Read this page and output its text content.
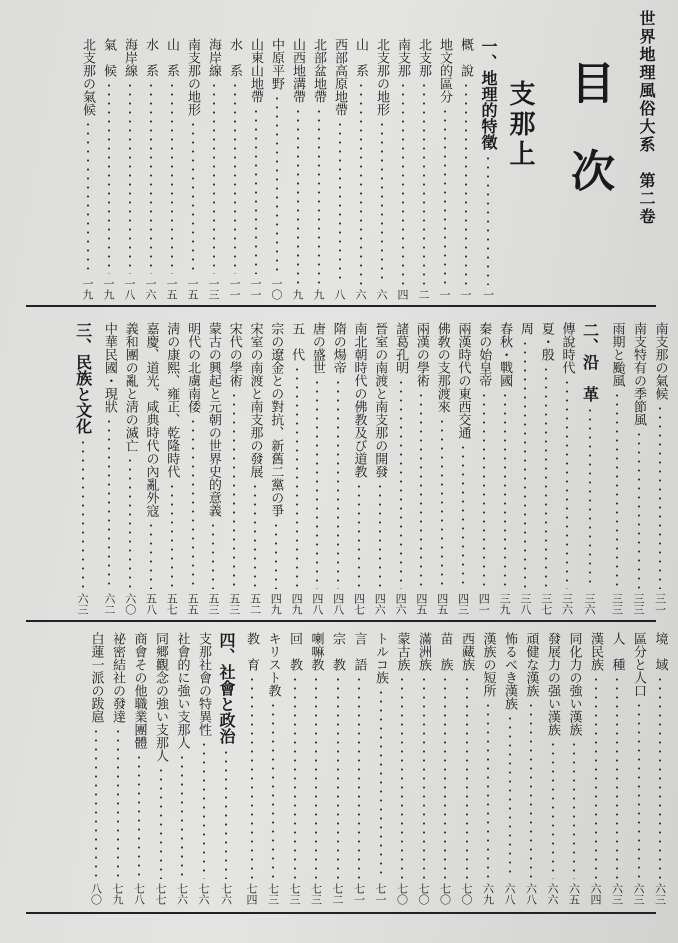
世界地理風俗大系　第二卷
目　次
支那上
一、地理的特徵
一
概　說
一
地文的區分
一
北支那
二
南支那
四
北支那の地形
六
山　系
六
西部高原地帶
八
北部盆地帶
九
山西地溝帶
九
中原平野
一〇
山東山地帶
一一
水　系
一一
海岸線
一三
南支那の地形
一五
山　系
一五
水　系
一六
海岸線
一八
氣　候
一九
北支那の氣候
一九
南支那の氣候
三一
南支特有の季節風
三三
雨期と颱風
三三
二、沿　革
三六
傳說時代
三六
夏・殷
三七
周
三八
春秋・戰國
三九
秦の始皇帝
四一
兩漢時代の東西交通
四三
佛敎の支那渡來
四五
兩漢の學術
四五
諸葛孔明
四六
晉室の南渡と南支那の開發
四六
南北朝時代の佛教及び道教
四七
隋の煬帝
四八
唐の盛世
四八
五　代
四九
宗の遼金との對抗、新舊二黨の爭
四九
宋室の南渡と南支那の發展
五二
宋代の學術
五三
蒙古の興起と元朝の世界史的意義
五三
明代の北虜南倭
五五
淸の康熙、雍正、乾隆時代
五七
嘉慶、道光、咸典時代の內亂外寇
五八
義和團の亂と淸の滅亡
六〇
中華民國・現狀
六二
三、民族と文化
六三
境　域
六三
區分と人口
六三
人　種
六三
漢民族
六四
同化力の強い漢族
六五
發展力の强い漢族
六六
頑健な漢族
六八
怖るべき漢族
六八
漢族の短所
六九
西藏族
七〇
苗　族
七〇
滿洲族
七〇
蒙古族
七〇
トルコ族
七一
言　語
七一
宗　教
七二
喇嘛教
七三
回　教
七三
キリスト教
七三
教　育
七四
四、社會と政治
七六
支那社會の特異性
七六
社會的に強い支那人
七六
同郷觀念の強い支那人
七七
商會その他職業團體
七八
祕密結社の發達
七九
白蓮一派の跋扈
八〇
